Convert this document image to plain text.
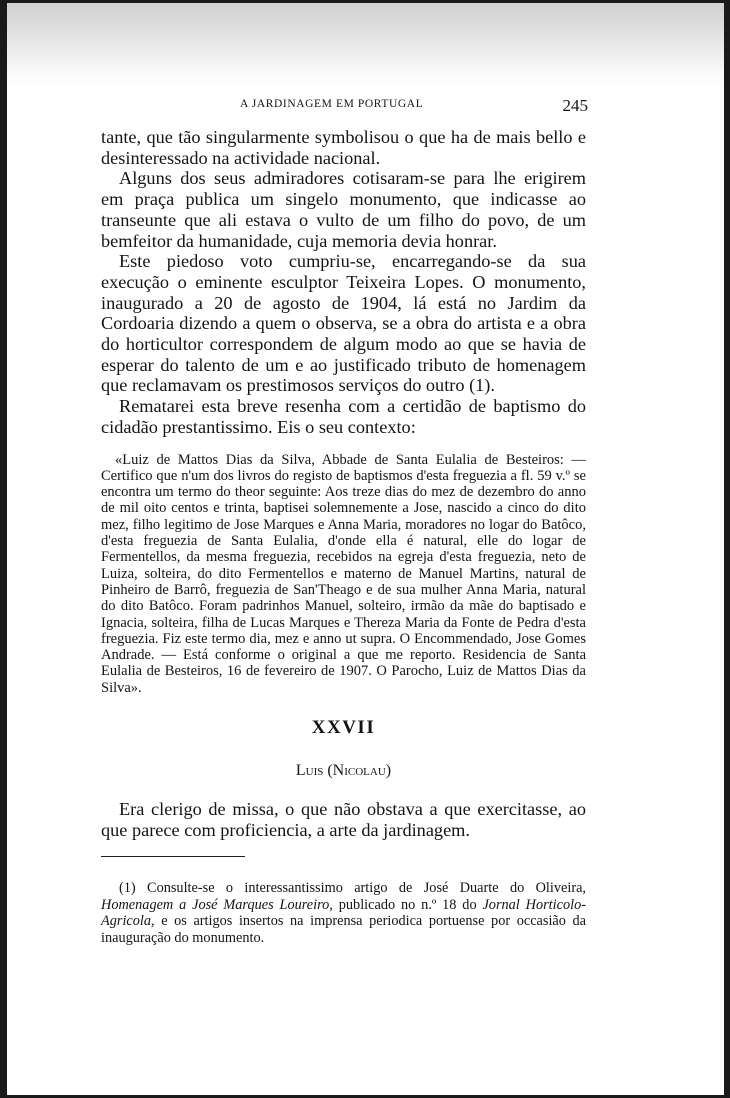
A JARDINAGEM EM PORTUGAL	245

tante, que tão singularmente symbolisou o que ha de mais bello e desinteressado na actividade nacional.

Alguns dos seus admiradores cotisaram-se para lhe erigirem em praça publica um singelo monumento, que indicasse ao transeunte que ali estava o vulto de um filho do povo, de um bemfeitor da humanidade, cuja memoria devia honrar.

Este piedoso voto cumpriu-se, encarregando-se da sua execução o eminente esculptor Teixeira Lopes. O monumento, inaugurado a 20 de agosto de 1904, lá está no Jardim da Cordoaria dizendo a quem o observa, se a obra do artista e a obra do horticultor correspondem de algum modo ao que se havia de esperar do talento de um e ao justificado tributo de homenagem que reclamavam os prestimosos serviços do outro (1).

Rematarei esta breve resenha com a certidão de baptismo do cidadão prestantissimo. Eis o seu contexto:

«Luiz de Mattos Dias da Silva, Abbade de Santa Eulalia de Besteiros: — Certifico que n'um dos livros do registo de baptismos d'esta freguezia a fl. 59 v.º se encontra um termo do theor seguinte: Aos treze dias do mez de dezembro do anno de mil oito centos e trinta, baptisei solemnemente a Jose, nascido a cinco do dito mez, filho legitimo de Jose Marques e Anna Maria, moradores no logar do Batôco, d'esta freguezia de Santa Eulalia, d'onde ella é natural, elle do logar de Fermentellos, da mesma freguezia, recebidos na egreja d'esta freguezia, neto de Luiza, solteira, do dito Fermentellos e materno de Manuel Martins, natural de Pinheiro de Barrô, freguezia de San'Theago e de sua mulher Anna Maria, natural do dito Batôco. Foram padrinhos Manuel, solteiro, irmão da mãe do baptisado e Ignacia, solteira, filha de Lucas Marques e Thereza Maria da Fonte de Pedra d'esta freguezia. Fiz este termo dia, mez e anno ut supra. O Encommendado, Jose Gomes Andrade. — Está conforme o original a que me reporto. Residencia de Santa Eulalia de Besteiros, 16 de fevereiro de 1907. O Parocho, Luiz de Mattos Dias da Silva».

XXVII
Luis (Nicolau)

Era clerigo de missa, o que não obstava a que exercitasse, ao que parece com proficiencia, a arte da jardinagem.

(1) Consulte-se o interessantissimo artigo de José Duarte do Oliveira, Homenagem a José Marques Loureiro, publicado no n.º 18 do Jornal Horticolo-Agricola, e os artigos insertos na imprensa periodica portuense por occasião da inauguração do monumento.
